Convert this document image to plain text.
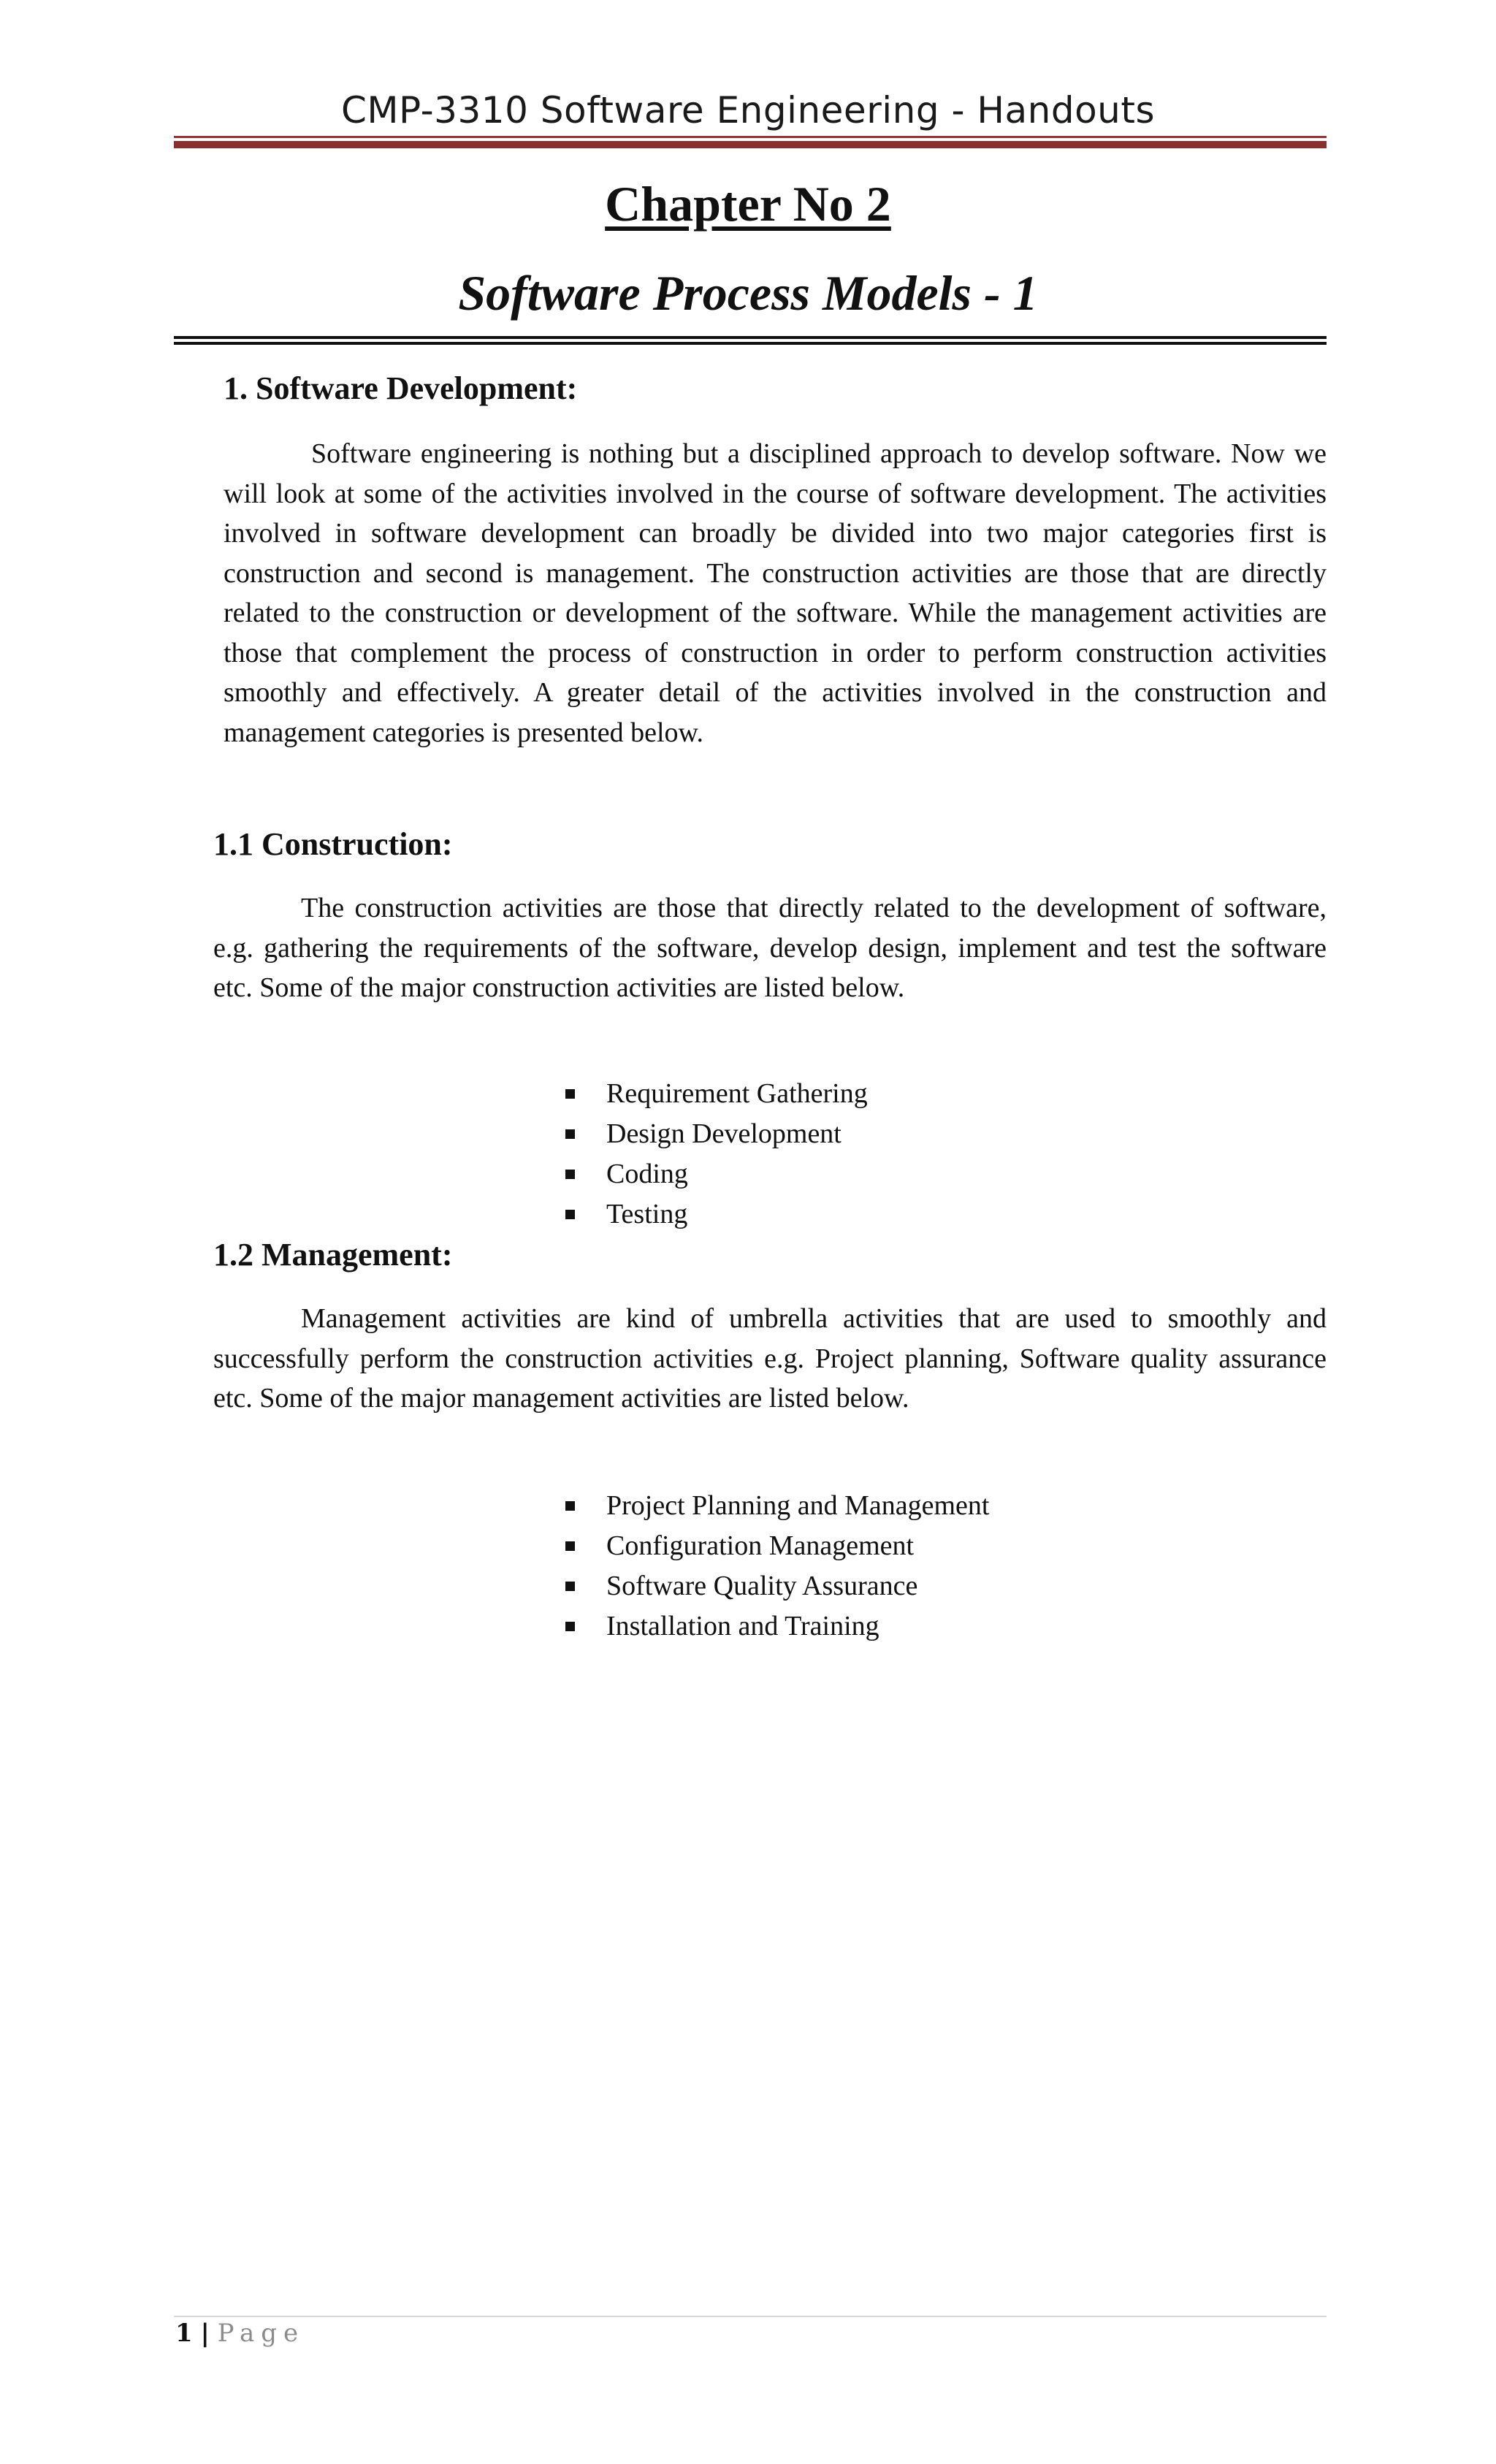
CMP-3310 Software Engineering - Handouts
Chapter No 2
Software Process Models - 1
1. Software Development:
Software engineering is nothing but a disciplined approach to develop software. Now we will look at some of the activities involved in the course of software development. The activities involved in software development can broadly be divided into two major categories first is construction and second is management. The construction activities are those that are directly related to the construction or development of the software. While the management activities are those that complement the process of construction in order to perform construction activities smoothly and effectively. A greater detail of the activities involved in the construction and management categories is presented below.
1.1 Construction:
The construction activities are those that directly related to the development of software, e.g. gathering the requirements of the software, develop design, implement and test the software etc. Some of the major construction activities are listed below.
Requirement Gathering
Design Development
Coding
Testing
1.2 Management:
Management activities are kind of umbrella activities that are used to smoothly and successfully perform the construction activities e.g. Project planning, Software quality assurance etc. Some of the major management activities are listed below.
Project Planning and Management
Configuration Management
Software Quality Assurance
Installation and Training
1 | Page
